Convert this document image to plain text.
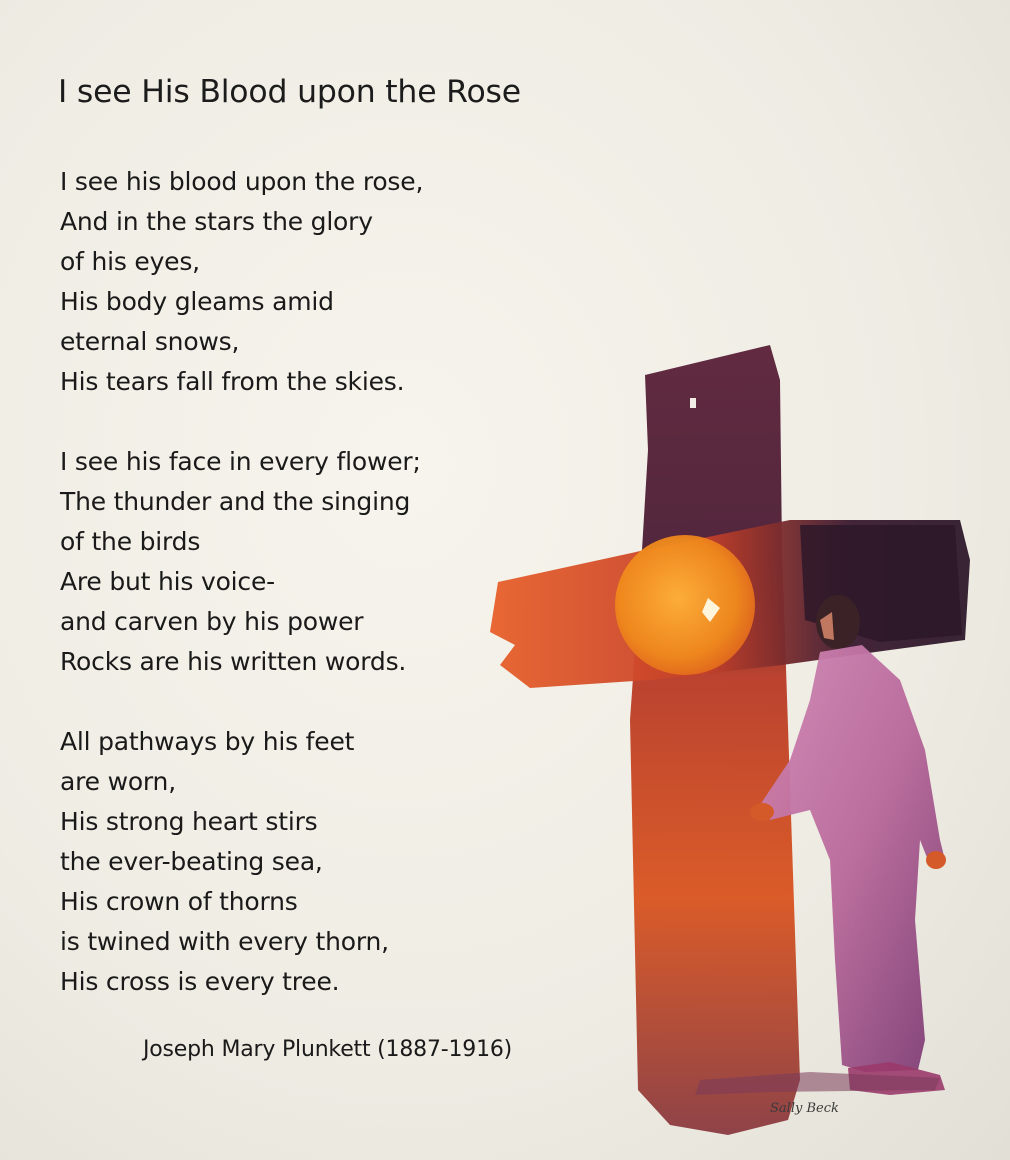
I see His Blood upon the Rose
I see his blood upon the rose,
And in the stars the glory
of his eyes,
His body gleams amid
eternal snows,
His tears fall from the skies.
I see his face in every flower;
The thunder and the singing
of the birds
Are but his voice-
and carven by his power
Rocks are his written words.
All pathways by his feet
are worn,
His strong heart stirs
the ever-beating sea,
His crown of thorns
is twined with every thorn,
His cross is every tree.
Joseph Mary Plunkett (1887-1916)
Sally Beck
